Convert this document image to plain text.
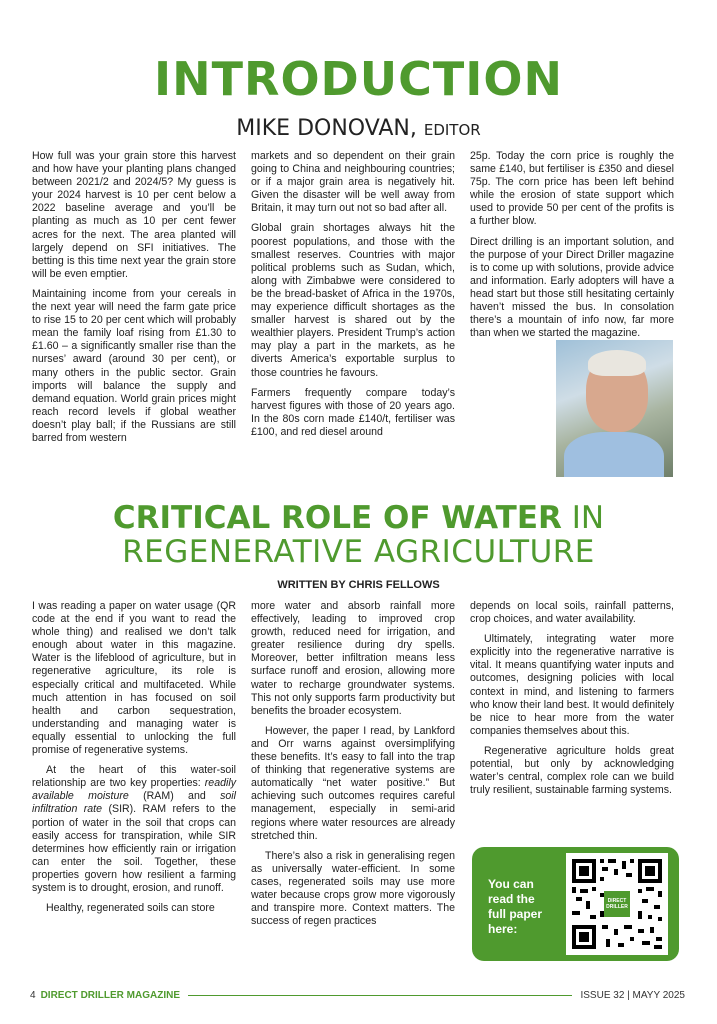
INTRODUCTION
MIKE DONOVAN, EDITOR

How full was your grain store this harvest and how have your planting plans changed between 2021/2 and 2024/5? My guess is your 2024 harvest is 10 per cent below a 2022 baseline average and you’ll be planting as much as 10 per cent fewer acres for the next. The area planted will largely depend on SFI initiatives. The betting is this time next year the grain store will be even emptier.

Maintaining income from your cereals in the next year will need the farm gate price to rise 15 to 20 per cent which will probably mean the family loaf rising from £1.30 to £1.60 – a significantly smaller rise than the nurses’ award (around 30 per cent), or many others in the public sector. Grain imports will balance the supply and demand equation. World grain prices might reach record levels if global weather doesn’t play ball; if the Russians are still barred from western

markets and so dependent on their grain going to China and neighbouring countries; or if a major grain area is negatively hit. Given the disaster will be well away from Britain, it may turn out not so bad after all.

Global grain shortages always hit the poorest populations, and those with the smallest reserves. Countries with major political problems such as Sudan, which, along with Zimbabwe were considered to be the bread-basket of Africa in the 1970s, may experience difficult shortages as the smaller harvest is shared out by the wealthier players. President Trump’s action may play a part in the markets, as he diverts America’s exportable surplus to those countries he favours.

Farmers frequently compare today’s harvest figures with those of 20 years ago. In the 80s corn made £140/t, fertiliser was £100, and red diesel around

25p. Today the corn price is roughly the same £140, but fertiliser is £350 and diesel 75p. The corn price has been left behind while the erosion of state support which used to provide 50 per cent of the profits is a further blow.

Direct drilling is an important solution, and the purpose of your Direct Driller magazine is to come up with solutions, provide advice and information. Early adopters will have a head start but those still hesitating certainly haven’t missed the bus. In consolation there’s a mountain of info now, far more than when we started the magazine.

CRITICAL ROLE OF WATER IN
REGENERATIVE AGRICULTURE
WRITTEN BY CHRIS FELLOWS

I was reading a paper on water usage (QR code at the end if you want to read the whole thing) and realised we don’t talk enough about water in this magazine. Water is the lifeblood of agriculture, but in regenerative agriculture, its role is especially critical and multifaceted. While much attention in has focused on soil health and carbon sequestration, understanding and managing water is equally essential to unlocking the full promise of regenerative systems.

At the heart of this water-soil relationship are two key properties: readily available moisture (RAM) and soil infiltration rate (SIR). RAM refers to the portion of water in the soil that crops can easily access for transpiration, while SIR determines how efficiently rain or irrigation can enter the soil. Together, these properties govern how resilient a farming system is to drought, erosion, and runoff.

Healthy, regenerated soils can store

more water and absorb rainfall more effectively, leading to improved crop growth, reduced need for irrigation, and greater resilience during dry spells. Moreover, better infiltration means less surface runoff and erosion, allowing more water to recharge groundwater systems. This not only supports farm productivity but benefits the broader ecosystem.

However, the paper I read, by Lankford and Orr warns against oversimplifying these benefits. It’s easy to fall into the trap of thinking that regenerative systems are automatically “net water positive.” But achieving such outcomes requires careful management, especially in semi-arid regions where water resources are already stretched thin.

There’s also a risk in generalising regen as universally water-efficient. In some cases, regenerated soils may use more water because crops grow more vigorously and transpire more. Context matters. The success of regen practices

depends on local soils, rainfall patterns, crop choices, and water availability.

Ultimately, integrating water more explicitly into the regenerative narrative is vital. It means quantifying water inputs and outcomes, designing policies with local context in mind, and listening to farmers who know their land best. It would definitely be nice to hear more from the water companies themselves about this.

Regenerative agriculture holds great potential, but only by acknowledging water’s central, complex role can we build truly resilient, sustainable farming systems.

You can read the full paper here:
DIRECT DRILLER
4 DIRECT DRILLER MAGAZINE	ISSUE 32 | MAYY 2025
